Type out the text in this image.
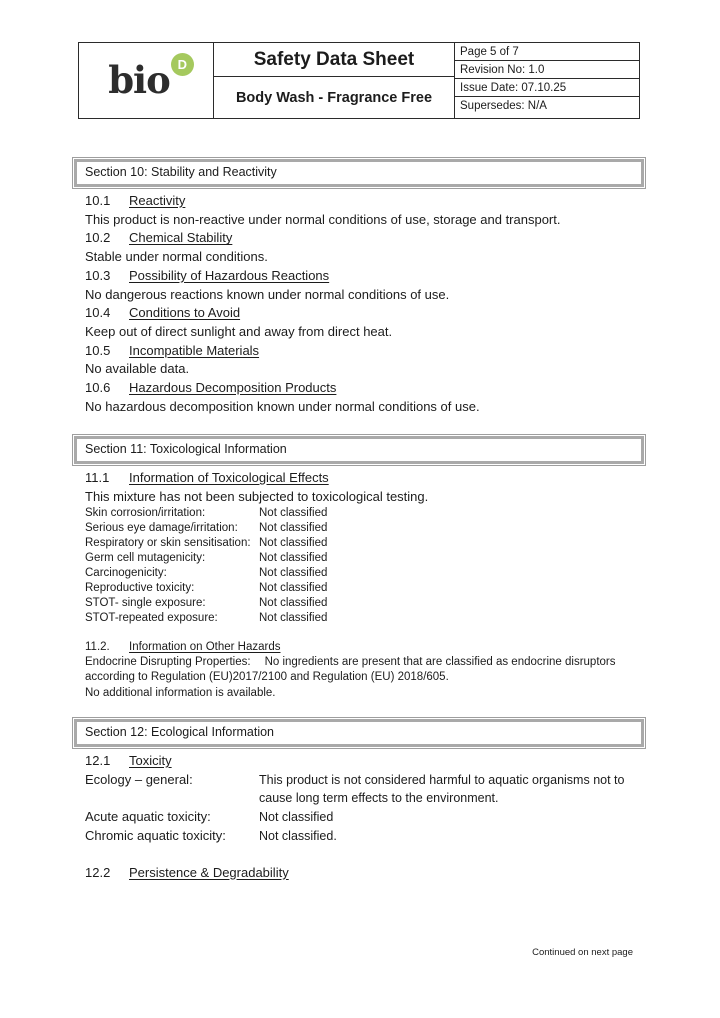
bio D	Safety Data Sheet
Body Wash - Fragrance Free
Page 5 of 7
Revision No: 1.0
Issue Date: 07.10.25
Supersedes: N/A
Section 10: Stability and Reactivity
10.1 Reactivity
This product is non-reactive under normal conditions of use, storage and transport.
10.2 Chemical Stability
Stable under normal conditions.
10.3 Possibility of Hazardous Reactions
No dangerous reactions known under normal conditions of use.
10.4 Conditions to Avoid
Keep out of direct sunlight and away from direct heat.
10.5 Incompatible Materials
No available data.
10.6 Hazardous Decomposition Products
No hazardous decomposition known under normal conditions of use.
Section 11: Toxicological Information
11.1 Information of Toxicological Effects
This mixture has not been subjected to toxicological testing.
Skin corrosion/irritation:	Not classified
Serious eye damage/irritation:	Not classified
Respiratory or skin sensitisation: Not classified
Germ cell mutagenicity:	Not classified
Carcinogenicity:	Not classified
Reproductive toxicity:	Not classified
STOT- single exposure:	Not classified
STOT-repeated exposure:	Not classified
11.2. Information on Other Hazards
Endocrine Disrupting Properties: No ingredients are present that are classified as endocrine disruptors according to Regulation (EU)2017/2100 and Regulation (EU) 2018/605.
No additional information is available.
Section 12: Ecological Information
12.1 Toxicity
Ecology – general:	This product is not considered harmful to aquatic organisms not to cause long term effects to the environment.
Acute aquatic toxicity:	Not classified
Chromic aquatic toxicity:	Not classified.
12.2 Persistence & Degradability
Continued on next page
